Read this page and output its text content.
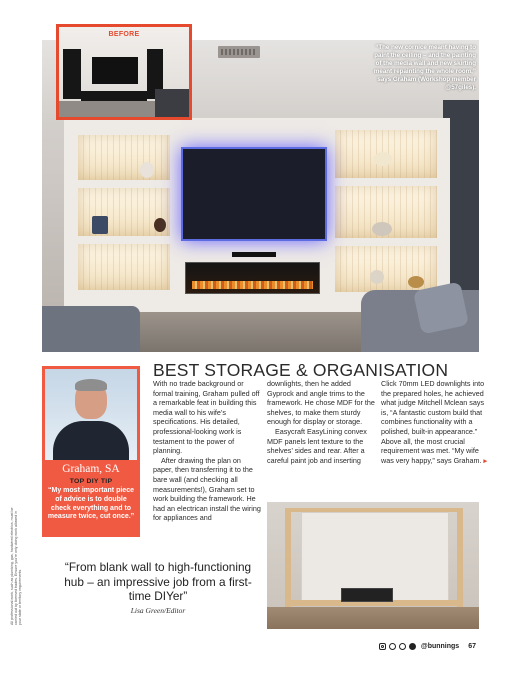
BEFORE
“The new cornice meant having to paint the ceiling – and the painting of the media wall and new skirting meant repainting the whole room,” says Graham (Workshop member @57giles).
BEST STORAGE & ORGANISATION

With no trade background or formal training, Graham pulled off a remarkable feat in building this media wall to his wife’s specifications. His detailed, professional-looking work is testament to the power of planning.

After drawing the plan on paper, then transferring it to the bare wall (and checking all measurements!), Graham set to work building the framework. He had an electrican install the wiring for appliances and

downlights, then he added Gyprock and angle trims to the framework. He chose MDF for the shelves, to make them sturdy enough for display or storage.

Easycraft EasyLining convex MDF panels lent texture to the shelves’ sides and rear. After a careful paint job and inserting

Click 70mm LED downlights into the prepared holes, he achieved what judge Mitchell Mclean says is, “A fantastic custom build that combines functionality with a polished, built-in appearance.” Above all, the most crucial requirement was met. “My wife was very happy,” says Graham. ▸

Graham, SA
TOP DIY TIP
“My most important piece of advice is to double check everything and to measure twice, cut once.”
All professional work, such as plumbing, gas, hardwired electrics, must be carried out by licensed trades. Ensure you're only doing work allowed in your state or territory requirements.
“From blank wall to high-functioning hub – an impressive job from a first-time DIYer”
Lisa Green/Editor
@bunnings 67
